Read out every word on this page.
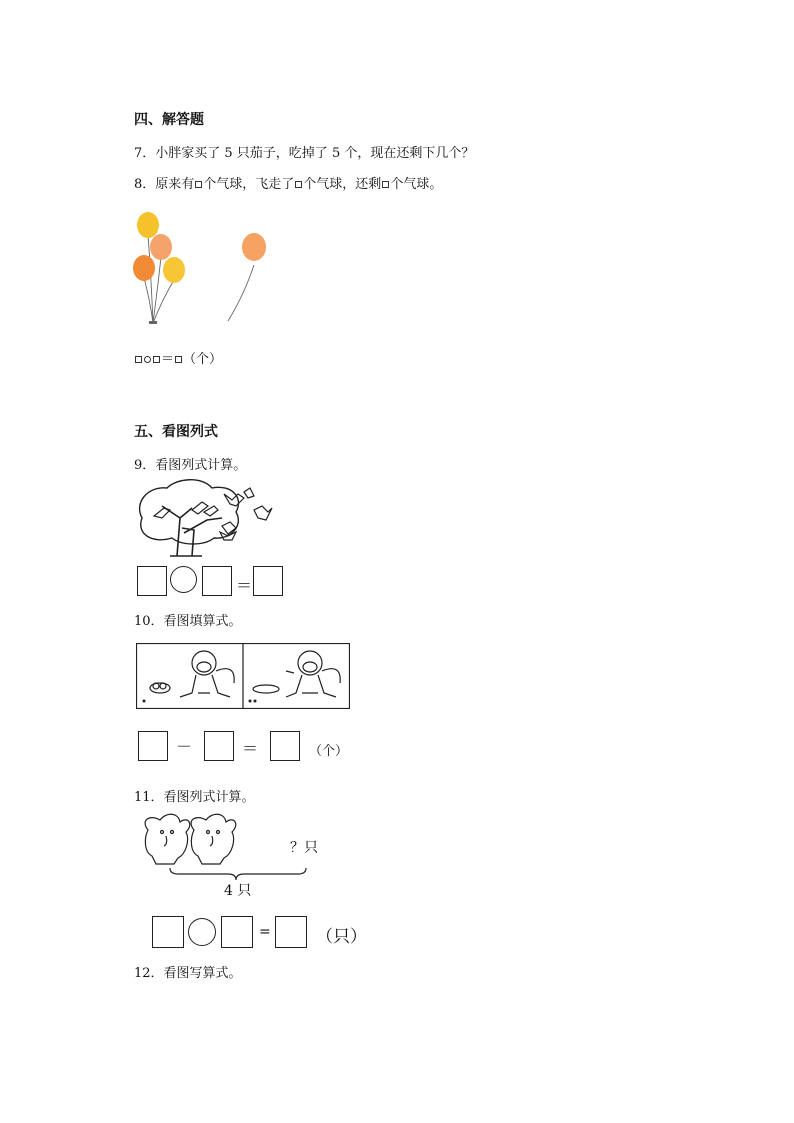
四、解答题
7．小胖家买了 5 只茄子，吃掉了 5 个，现在还剩下几个？
8．原来有 个气球，飞走了 个气球，还剩 个气球。
＝ （个）
五、看图列式
9．看图列式计算。
＝
10．看图填算式。
－	＝	（个）
11．看图列式计算。
？只
4 只
=	（只）
12．看图写算式。
